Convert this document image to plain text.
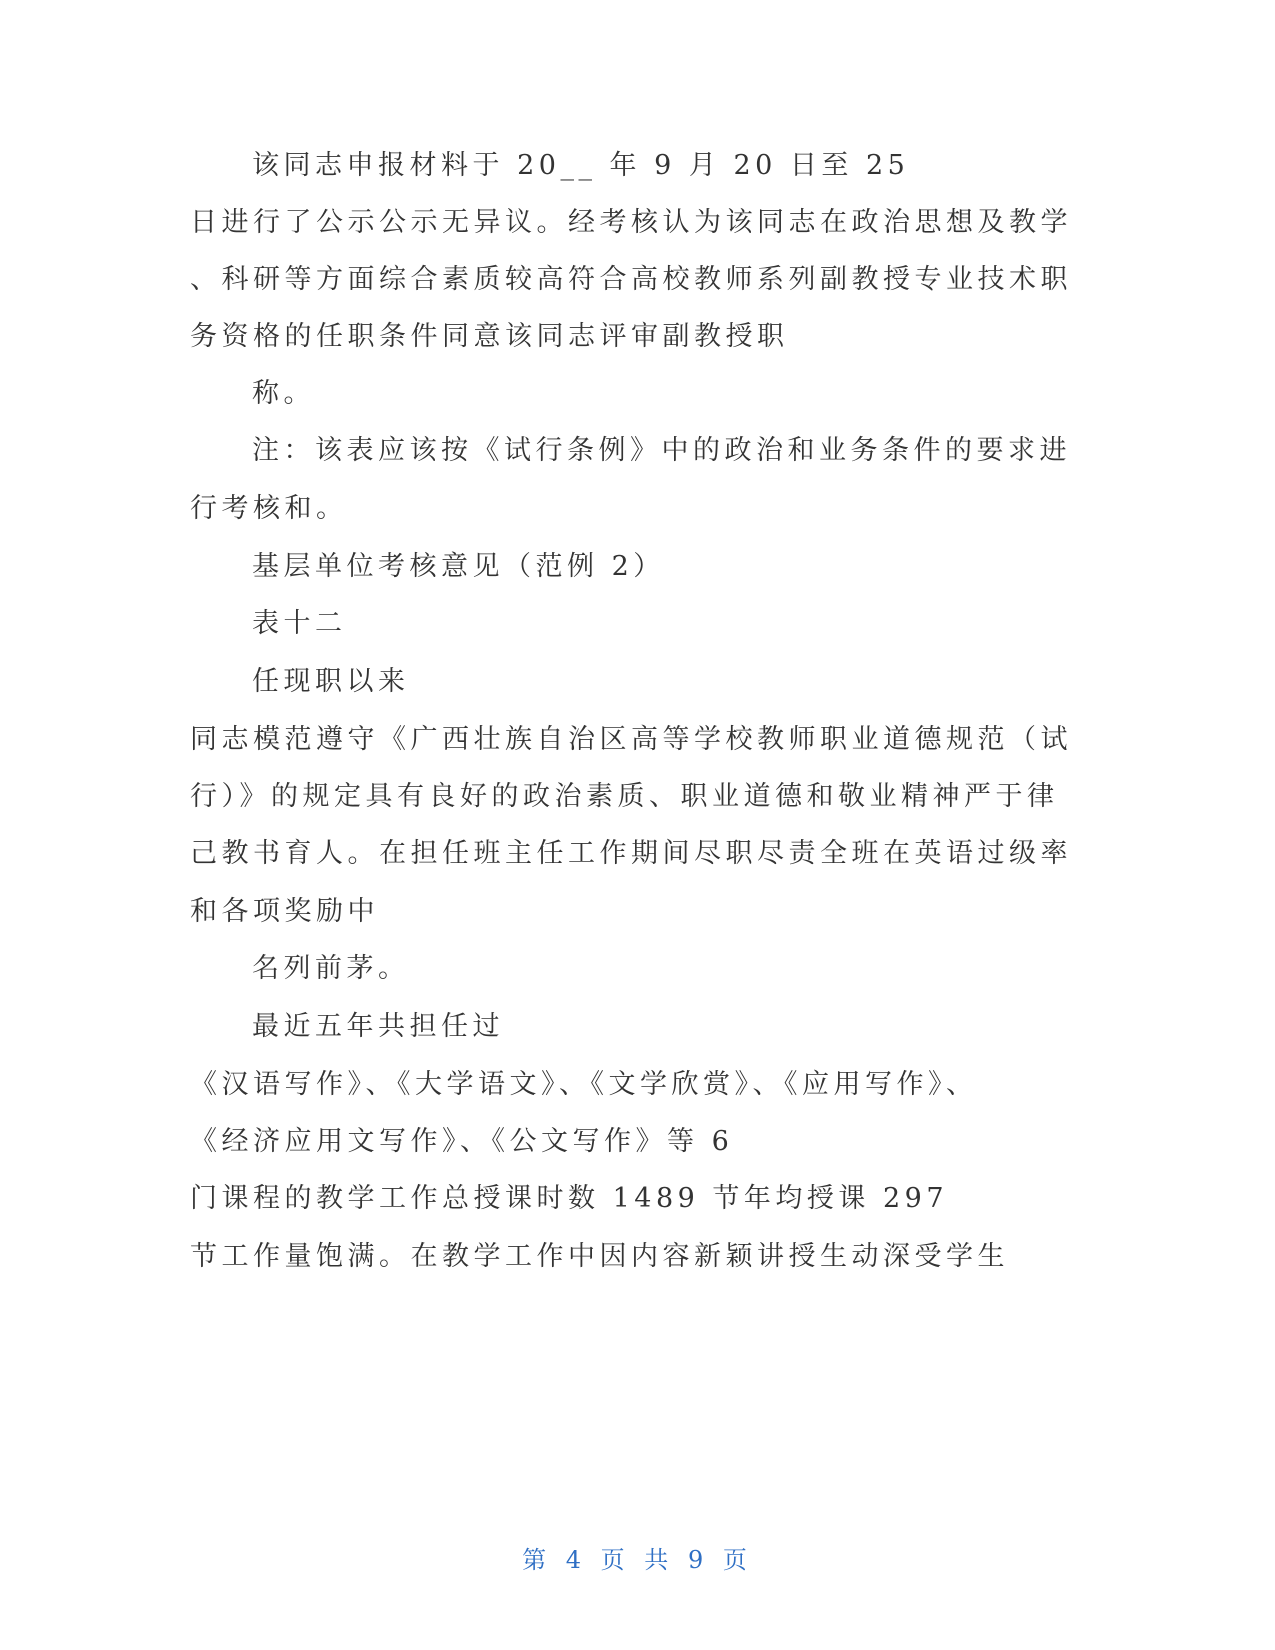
该同志申报材料于 20__ 年 9 月 20 日至 25
日进行了公示公示无异议。经考核认为该同志在政治思想及教学
、科研等方面综合素质较高符合高校教师系列副教授专业技术职
务资格的任职条件同意该同志评审副教授职
称。
注：该表应该按《试行条例》中的政治和业务条件的要求进
行考核和。
基层单位考核意见（范例 2）
表十二
任现职以来
同志模范遵守《广西壮族自治区高等学校教师职业道德规范（试
行）》的规定具有良好的政治素质、职业道德和敬业精神严于律
己教书育人。在担任班主任工作期间尽职尽责全班在英语过级率
和各项奖励中
名列前茅。
最近五年共担任过
《汉语写作》、《大学语文》、《文学欣赏》、《应用写作》、
《经济应用文写作》、《公文写作》等 6
门课程的教学工作总授课时数 1489 节年均授课 297
节工作量饱满。在教学工作中因内容新颖讲授生动深受学生
第 4 页 共 9 页
